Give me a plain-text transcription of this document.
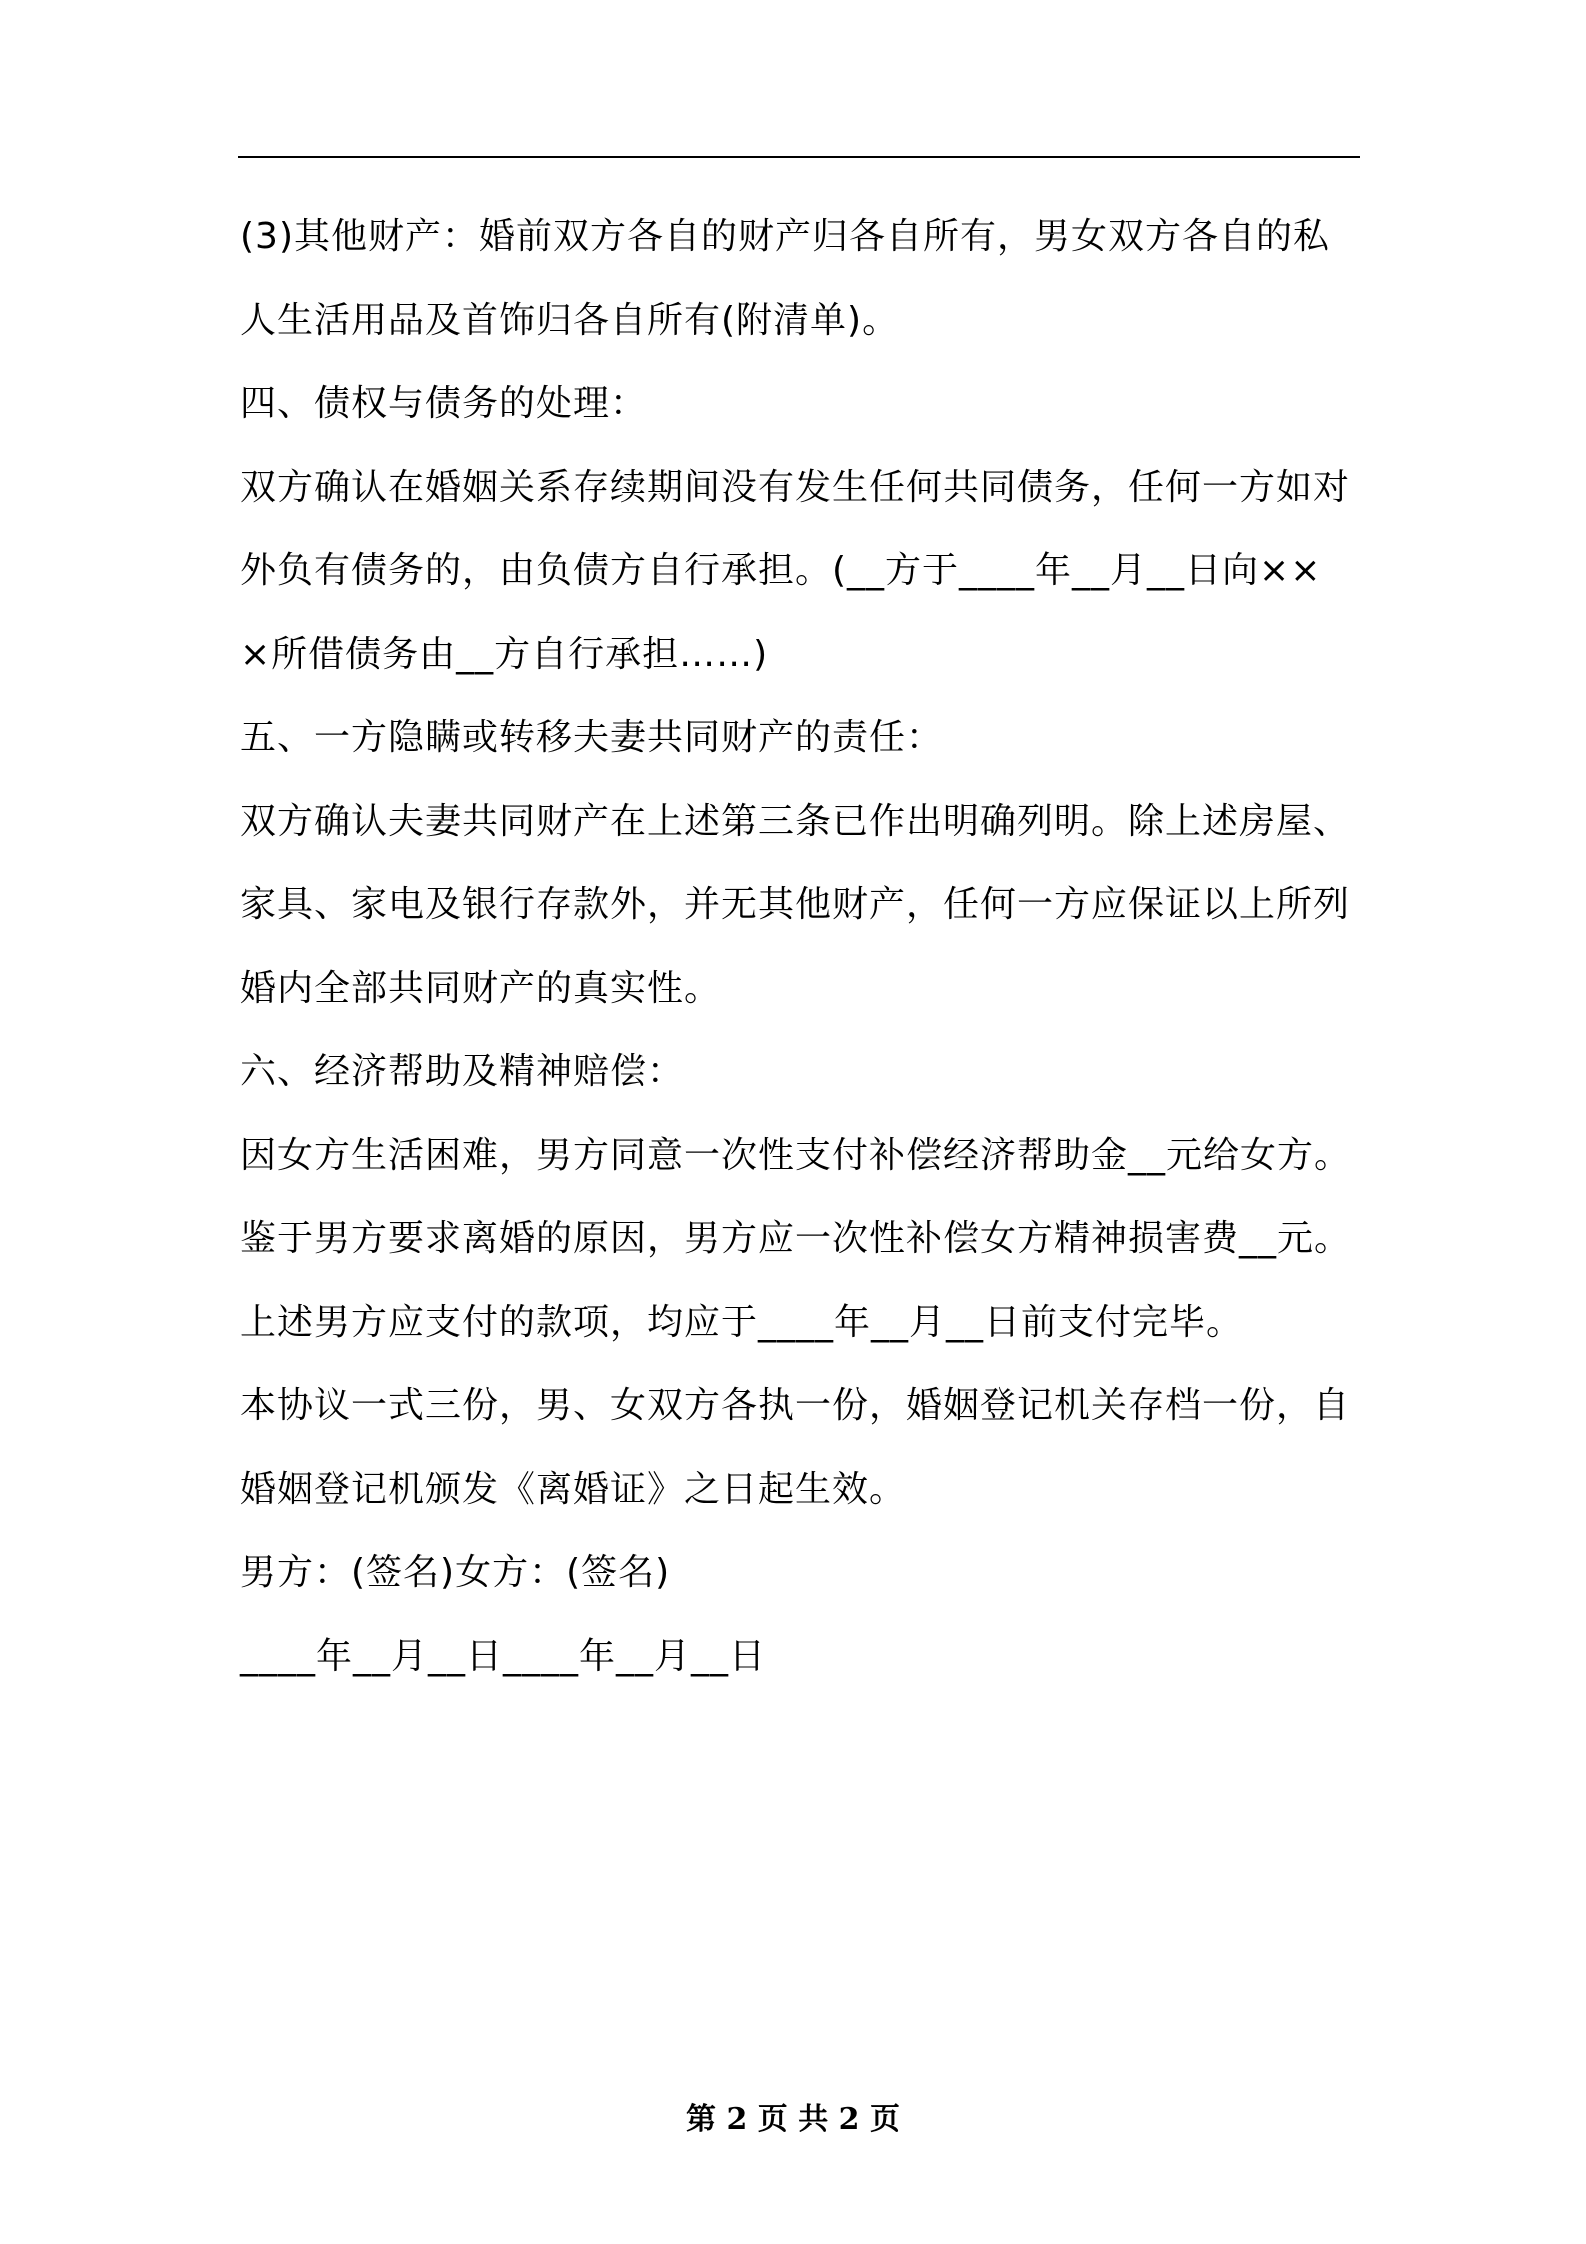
(3)其他财产：婚前双方各自的财产归各自所有，男女双方各自的私
人生活用品及首饰归各自所有(附清单)。
四、债权与债务的处理：
双方确认在婚姻关系存续期间没有发生任何共同债务，任何一方如对
外负有债务的，由负债方自行承担。(__方于____年__月__日向××
×所借债务由__方自行承担……)
五、一方隐瞒或转移夫妻共同财产的责任：
双方确认夫妻共同财产在上述第三条已作出明确列明。除上述房屋、
家具、家电及银行存款外，并无其他财产，任何一方应保证以上所列
婚内全部共同财产的真实性。
六、经济帮助及精神赔偿：
因女方生活困难，男方同意一次性支付补偿经济帮助金__元给女方。
鉴于男方要求离婚的原因，男方应一次性补偿女方精神损害费__元。
上述男方应支付的款项，均应于____年__月__日前支付完毕。
本协议一式三份，男、女双方各执一份，婚姻登记机关存档一份，自
婚姻登记机颁发《离婚证》之日起生效。
男方：(签名)女方：(签名)
____年__月__日____年__月__日
第 2 页 共 2 页
